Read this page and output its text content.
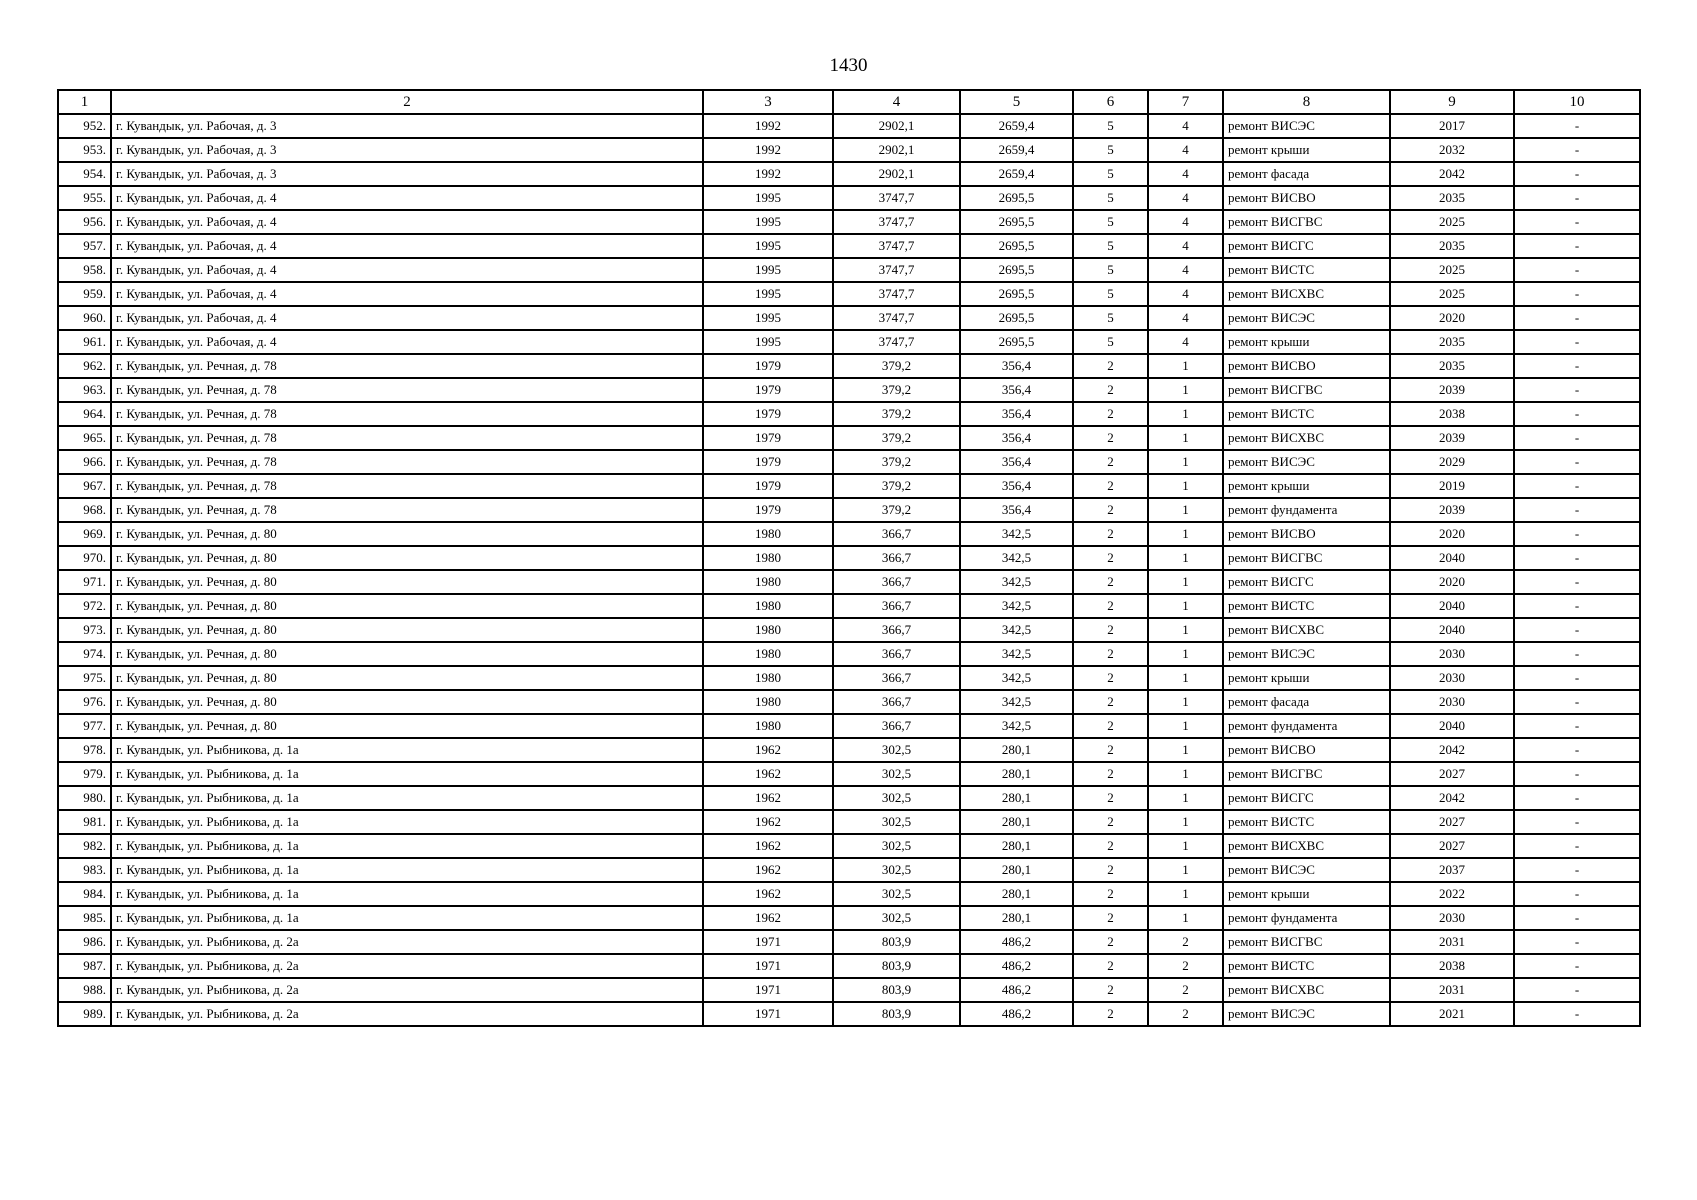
1430
1	2	3	4	5	6	7	8	9	10
952.	г. Кувандык, ул. Рабочая, д. 3	1992	2902,1	2659,4	5	4	ремонт ВИСЭС	2017	-
953.	г. Кувандык, ул. Рабочая, д. 3	1992	2902,1	2659,4	5	4	ремонт крыши	2032	-
954.	г. Кувандык, ул. Рабочая, д. 3	1992	2902,1	2659,4	5	4	ремонт фасада	2042	-
955.	г. Кувандык, ул. Рабочая, д. 4	1995	3747,7	2695,5	5	4	ремонт ВИСВО	2035	-
956.	г. Кувандык, ул. Рабочая, д. 4	1995	3747,7	2695,5	5	4	ремонт ВИСГВС	2025	-
957.	г. Кувандык, ул. Рабочая, д. 4	1995	3747,7	2695,5	5	4	ремонт ВИСГС	2035	-
958.	г. Кувандык, ул. Рабочая, д. 4	1995	3747,7	2695,5	5	4	ремонт ВИСТС	2025	-
959.	г. Кувандык, ул. Рабочая, д. 4	1995	3747,7	2695,5	5	4	ремонт ВИСХВС	2025	-
960.	г. Кувандык, ул. Рабочая, д. 4	1995	3747,7	2695,5	5	4	ремонт ВИСЭС	2020	-
961.	г. Кувандык, ул. Рабочая, д. 4	1995	3747,7	2695,5	5	4	ремонт крыши	2035	-
962.	г. Кувандык, ул. Речная, д. 78	1979	379,2	356,4	2	1	ремонт ВИСВО	2035	-
963.	г. Кувандык, ул. Речная, д. 78	1979	379,2	356,4	2	1	ремонт ВИСГВС	2039	-
964.	г. Кувандык, ул. Речная, д. 78	1979	379,2	356,4	2	1	ремонт ВИСТС	2038	-
965.	г. Кувандык, ул. Речная, д. 78	1979	379,2	356,4	2	1	ремонт ВИСХВС	2039	-
966.	г. Кувандык, ул. Речная, д. 78	1979	379,2	356,4	2	1	ремонт ВИСЭС	2029	-
967.	г. Кувандык, ул. Речная, д. 78	1979	379,2	356,4	2	1	ремонт крыши	2019	-
968.	г. Кувандык, ул. Речная, д. 78	1979	379,2	356,4	2	1	ремонт фундамента	2039	-
969.	г. Кувандык, ул. Речная, д. 80	1980	366,7	342,5	2	1	ремонт ВИСВО	2020	-
970.	г. Кувандык, ул. Речная, д. 80	1980	366,7	342,5	2	1	ремонт ВИСГВС	2040	-
971.	г. Кувандык, ул. Речная, д. 80	1980	366,7	342,5	2	1	ремонт ВИСГС	2020	-
972.	г. Кувандык, ул. Речная, д. 80	1980	366,7	342,5	2	1	ремонт ВИСТС	2040	-
973.	г. Кувандык, ул. Речная, д. 80	1980	366,7	342,5	2	1	ремонт ВИСХВС	2040	-
974.	г. Кувандык, ул. Речная, д. 80	1980	366,7	342,5	2	1	ремонт ВИСЭС	2030	-
975.	г. Кувандык, ул. Речная, д. 80	1980	366,7	342,5	2	1	ремонт крыши	2030	-
976.	г. Кувандык, ул. Речная, д. 80	1980	366,7	342,5	2	1	ремонт фасада	2030	-
977.	г. Кувандык, ул. Речная, д. 80	1980	366,7	342,5	2	1	ремонт фундамента	2040	-
978.	г. Кувандык, ул. Рыбникова, д. 1а	1962	302,5	280,1	2	1	ремонт ВИСВО	2042	-
979.	г. Кувандык, ул. Рыбникова, д. 1а	1962	302,5	280,1	2	1	ремонт ВИСГВС	2027	-
980.	г. Кувандык, ул. Рыбникова, д. 1а	1962	302,5	280,1	2	1	ремонт ВИСГС	2042	-
981.	г. Кувандык, ул. Рыбникова, д. 1а	1962	302,5	280,1	2	1	ремонт ВИСТС	2027	-
982.	г. Кувандык, ул. Рыбникова, д. 1а	1962	302,5	280,1	2	1	ремонт ВИСХВС	2027	-
983.	г. Кувандык, ул. Рыбникова, д. 1а	1962	302,5	280,1	2	1	ремонт ВИСЭС	2037	-
984.	г. Кувандык, ул. Рыбникова, д. 1а	1962	302,5	280,1	2	1	ремонт крыши	2022	-
985.	г. Кувандык, ул. Рыбникова, д. 1а	1962	302,5	280,1	2	1	ремонт фундамента	2030	-
986.	г. Кувандык, ул. Рыбникова, д. 2а	1971	803,9	486,2	2	2	ремонт ВИСГВС	2031	-
987.	г. Кувандык, ул. Рыбникова, д. 2а	1971	803,9	486,2	2	2	ремонт ВИСТС	2038	-
988.	г. Кувандык, ул. Рыбникова, д. 2а	1971	803,9	486,2	2	2	ремонт ВИСХВС	2031	-
989.	г. Кувандык, ул. Рыбникова, д. 2а	1971	803,9	486,2	2	2	ремонт ВИСЭС	2021	-
